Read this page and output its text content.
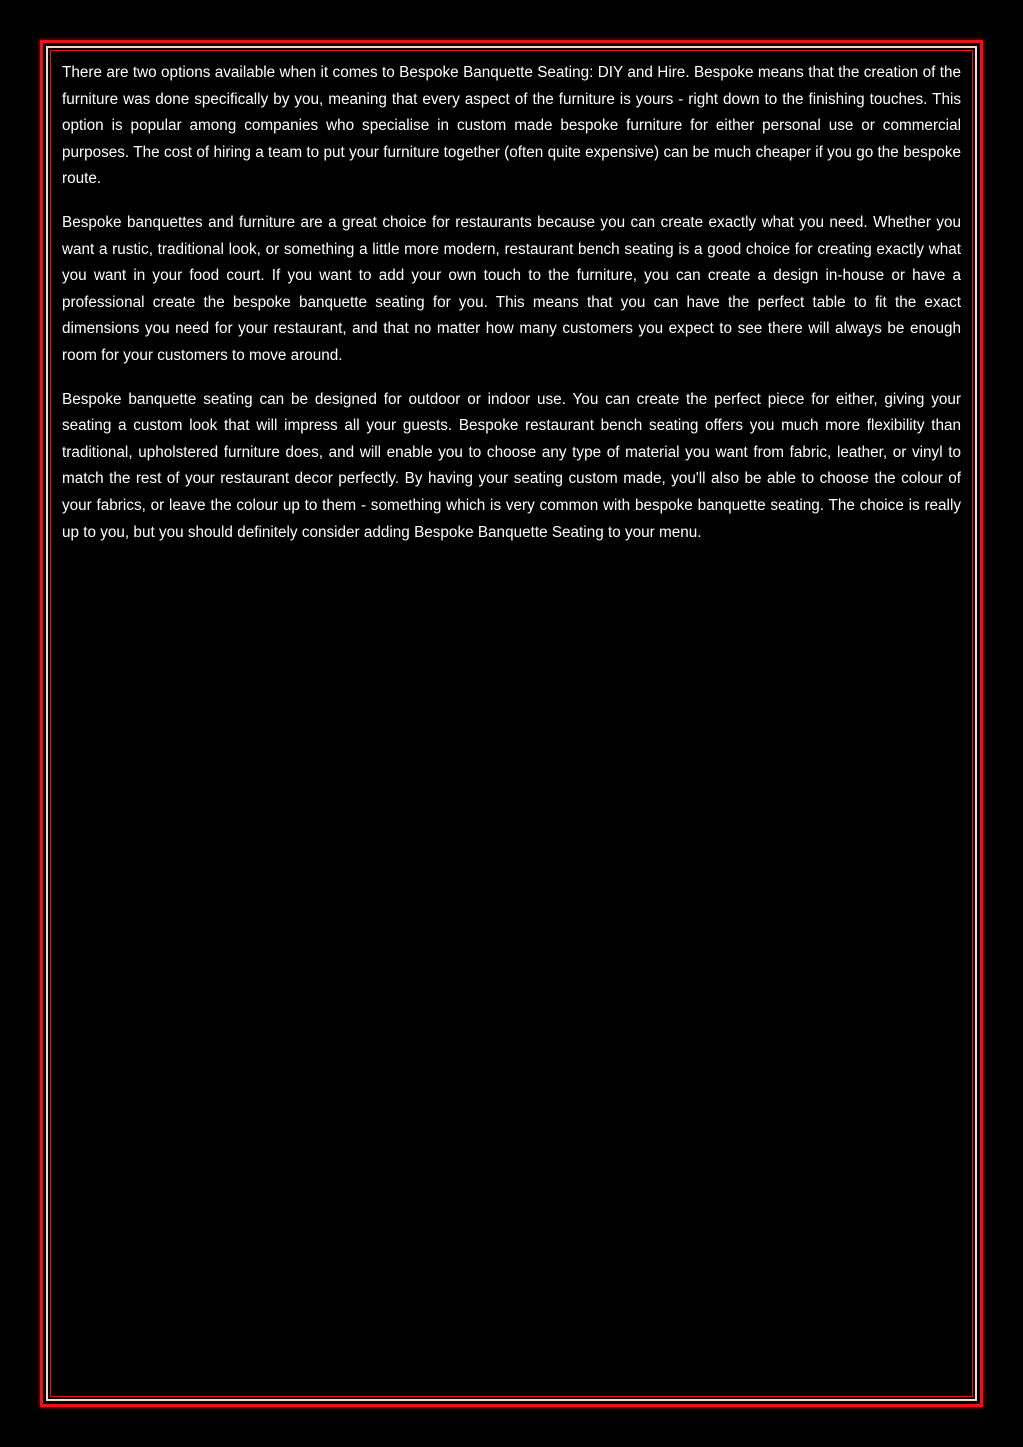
There are two options available when it comes to Bespoke Banquette Seating: DIY and Hire. Bespoke means that the creation of the furniture was done specifically by you, meaning that every aspect of the furniture is yours - right down to the finishing touches. This option is popular among companies who specialise in custom made bespoke furniture for either personal use or commercial purposes. The cost of hiring a team to put your furniture together (often quite expensive) can be much cheaper if you go the bespoke route.

Bespoke banquettes and furniture are a great choice for restaurants because you can create exactly what you need. Whether you want a rustic, traditional look, or something a little more modern, restaurant bench seating is a good choice for creating exactly what you want in your food court. If you want to add your own touch to the furniture, you can create a design in-house or have a professional create the bespoke banquette seating for you. This means that you can have the perfect table to fit the exact dimensions you need for your restaurant, and that no matter how many customers you expect to see there will always be enough room for your customers to move around.

Bespoke banquette seating can be designed for outdoor or indoor use. You can create the perfect piece for either, giving your seating a custom look that will impress all your guests. Bespoke restaurant bench seating offers you much more flexibility than traditional, upholstered furniture does, and will enable you to choose any type of material you want from fabric, leather, or vinyl to match the rest of your restaurant decor perfectly. By having your seating custom made, you'll also be able to choose the colour of your fabrics, or leave the colour up to them - something which is very common with bespoke banquette seating. The choice is really up to you, but you should definitely consider adding Bespoke Banquette Seating to your menu.
